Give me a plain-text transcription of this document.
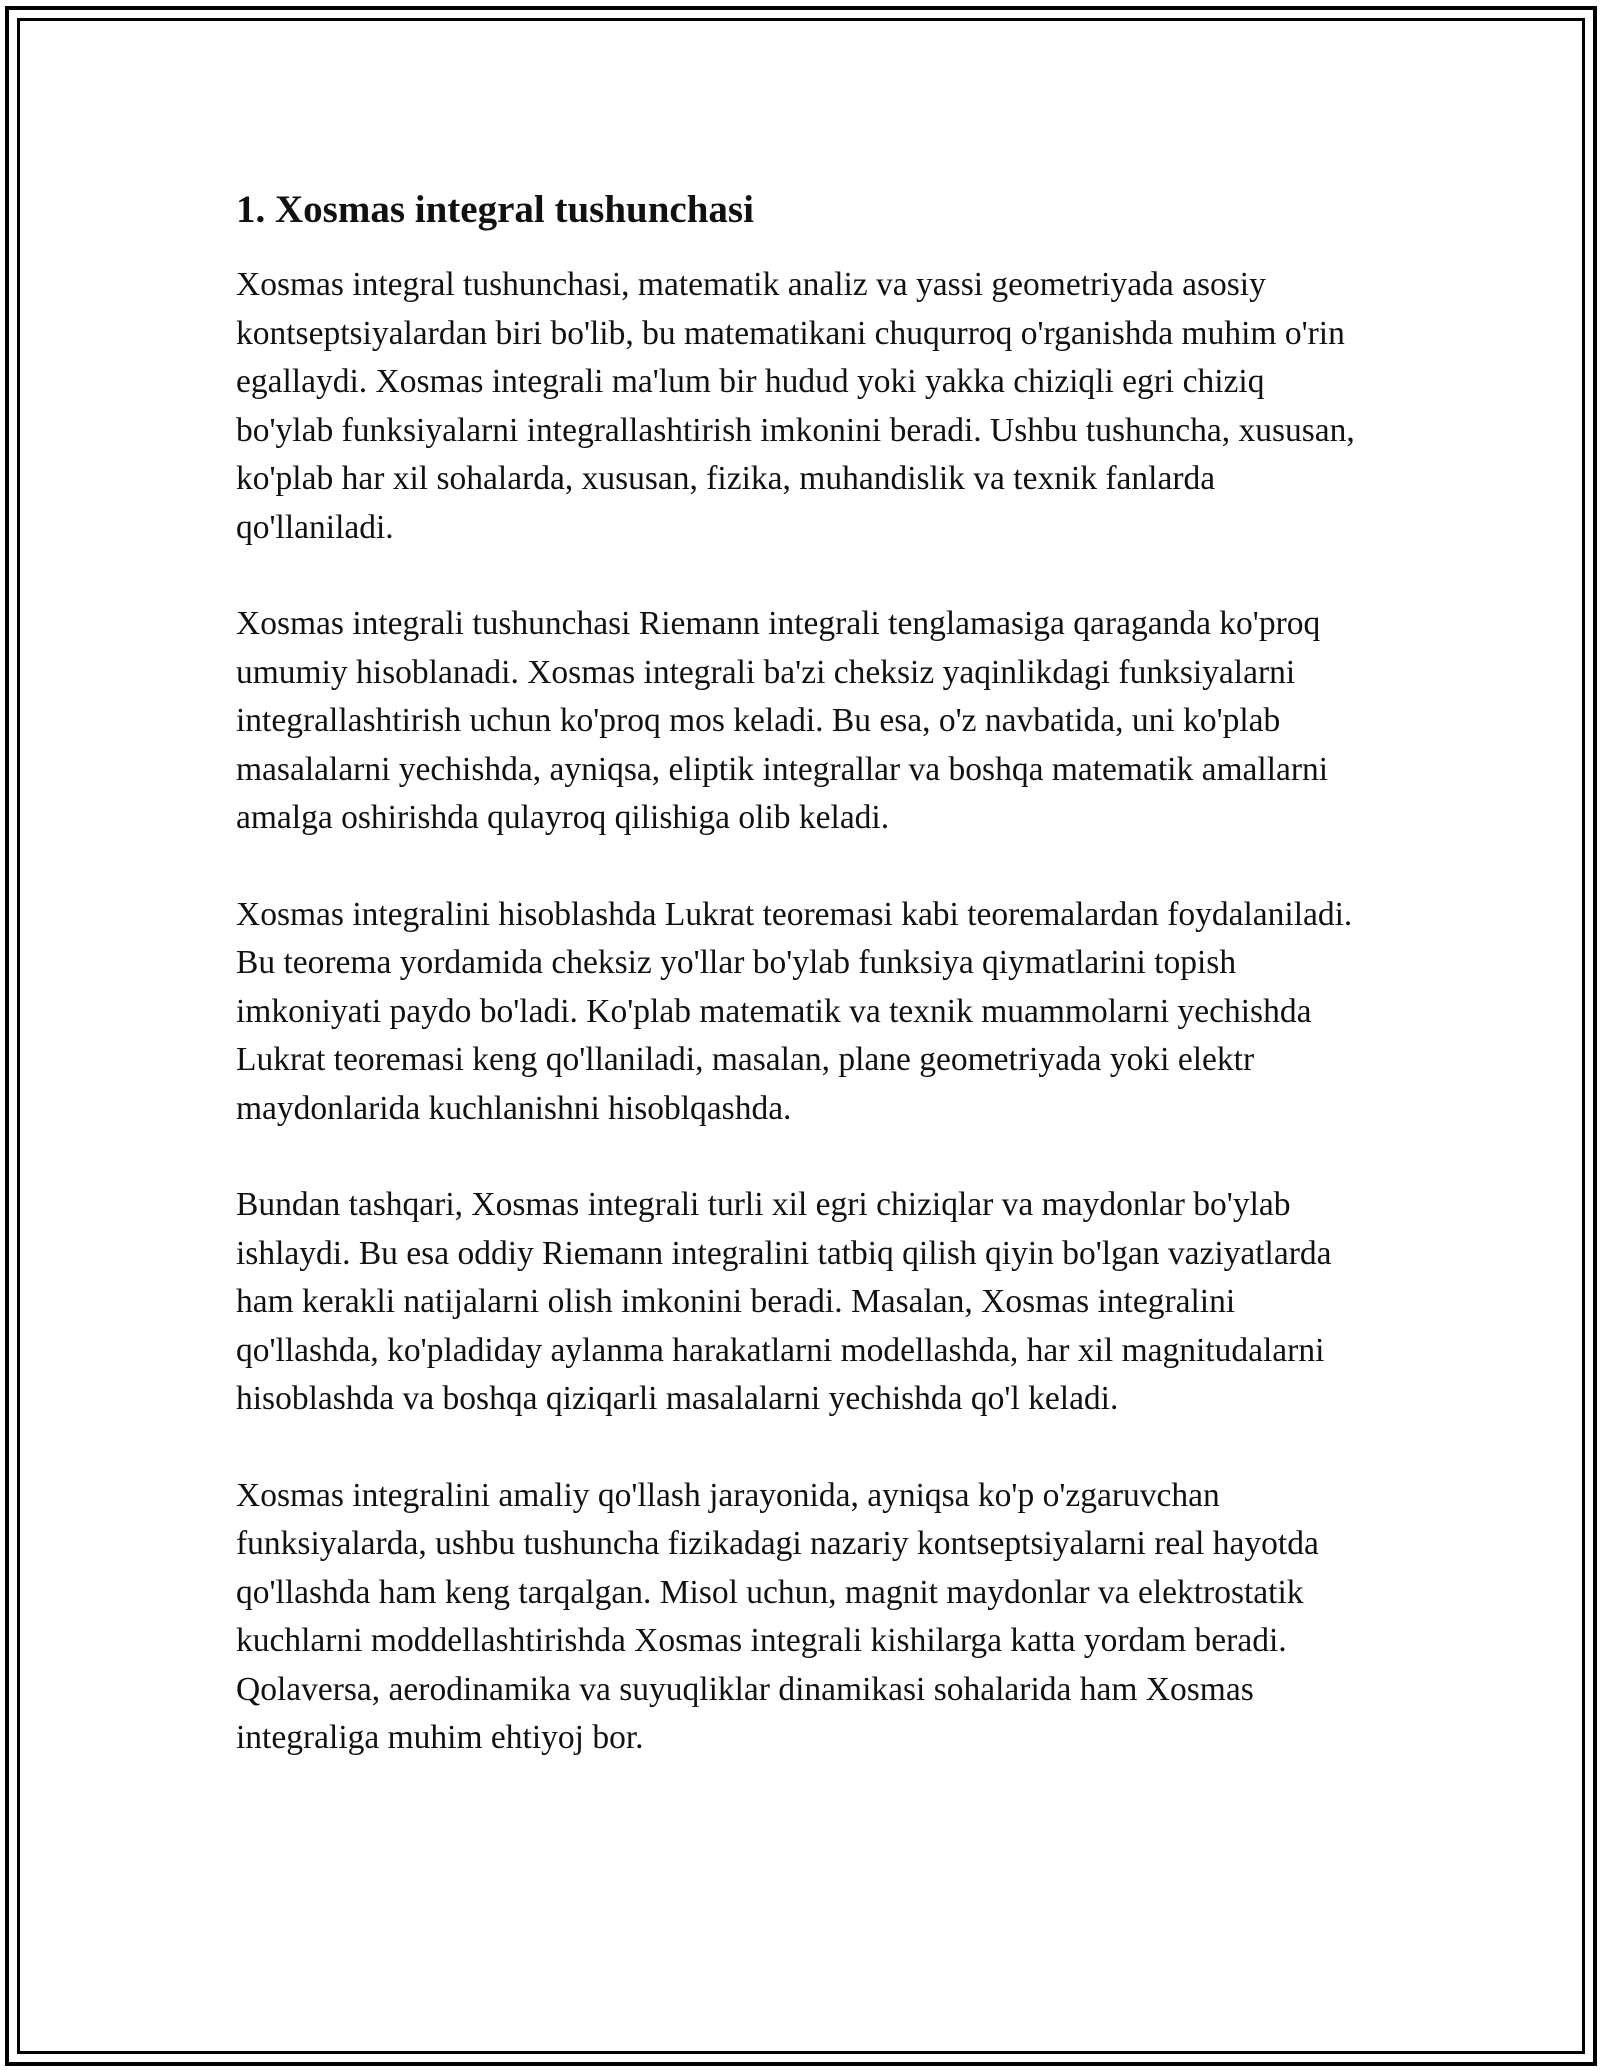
1. Xosmas integral tushunchasi

Xosmas integral tushunchasi, matematik analiz va yassi geometriyada asosiy kontseptsiyalardan biri bo'lib, bu matematikani chuqurroq o'rganishda muhim o'rin egallaydi. Xosmas integrali ma'lum bir hudud yoki yakka chiziqli egri chiziq bo'ylab funksiyalarni integrallashtirish imkonini beradi. Ushbu tushuncha, xususan, ko'plab har xil sohalarda, xususan, fizika, muhandislik va texnik fanlarda qo'llaniladi.

Xosmas integrali tushunchasi Riemann integrali tenglamasiga qaraganda ko'proq umumiy hisoblanadi. Xosmas integrali ba'zi cheksiz yaqinlikdagi funksiyalarni integrallashtirish uchun ko'proq mos keladi. Bu esa, o'z navbatida, uni ko'plab masalalarni yechishda, ayniqsa, eliptik integrallar va boshqa matematik amallarni amalga oshirishda qulayroq qilishiga olib keladi.

Xosmas integralini hisoblashda Lukrat teoremasi kabi teoremalardan foydalaniladi. Bu teorema yordamida cheksiz yo'llar bo'ylab funksiya qiymatlarini topish imkoniyati paydo bo'ladi. Ko'plab matematik va texnik muammolarni yechishda Lukrat teoremasi keng qo'llaniladi, masalan, plane geometriyada yoki elektr maydonlarida kuchlanishni hisoblqashda.

Bundan tashqari, Xosmas integrali turli xil egri chiziqlar va maydonlar bo'ylab ishlaydi. Bu esa oddiy Riemann integralini tatbiq qilish qiyin bo'lgan vaziyatlarda ham kerakli natijalarni olish imkonini beradi. Masalan, Xosmas integralini qo'llashda, ko'pladiday aylanma harakatlarni modellashda, har xil magnitudalarni hisoblashda va boshqa qiziqarli masalalarni yechishda qo'l keladi.

Xosmas integralini amaliy qo'llash jarayonida, ayniqsa ko'p o'zgaruvchan funksiyalarda, ushbu tushuncha fizikadagi nazariy kontseptsiyalarni real hayotda qo'llashda ham keng tarqalgan. Misol uchun, magnit maydonlar va elektrostatik kuchlarni moddellashtirishda Xosmas integrali kishilarga katta yordam beradi. Qolaversa, aerodinamika va suyuqliklar dinamikasi sohalarida ham Xosmas integraliga muhim ehtiyoj bor.
